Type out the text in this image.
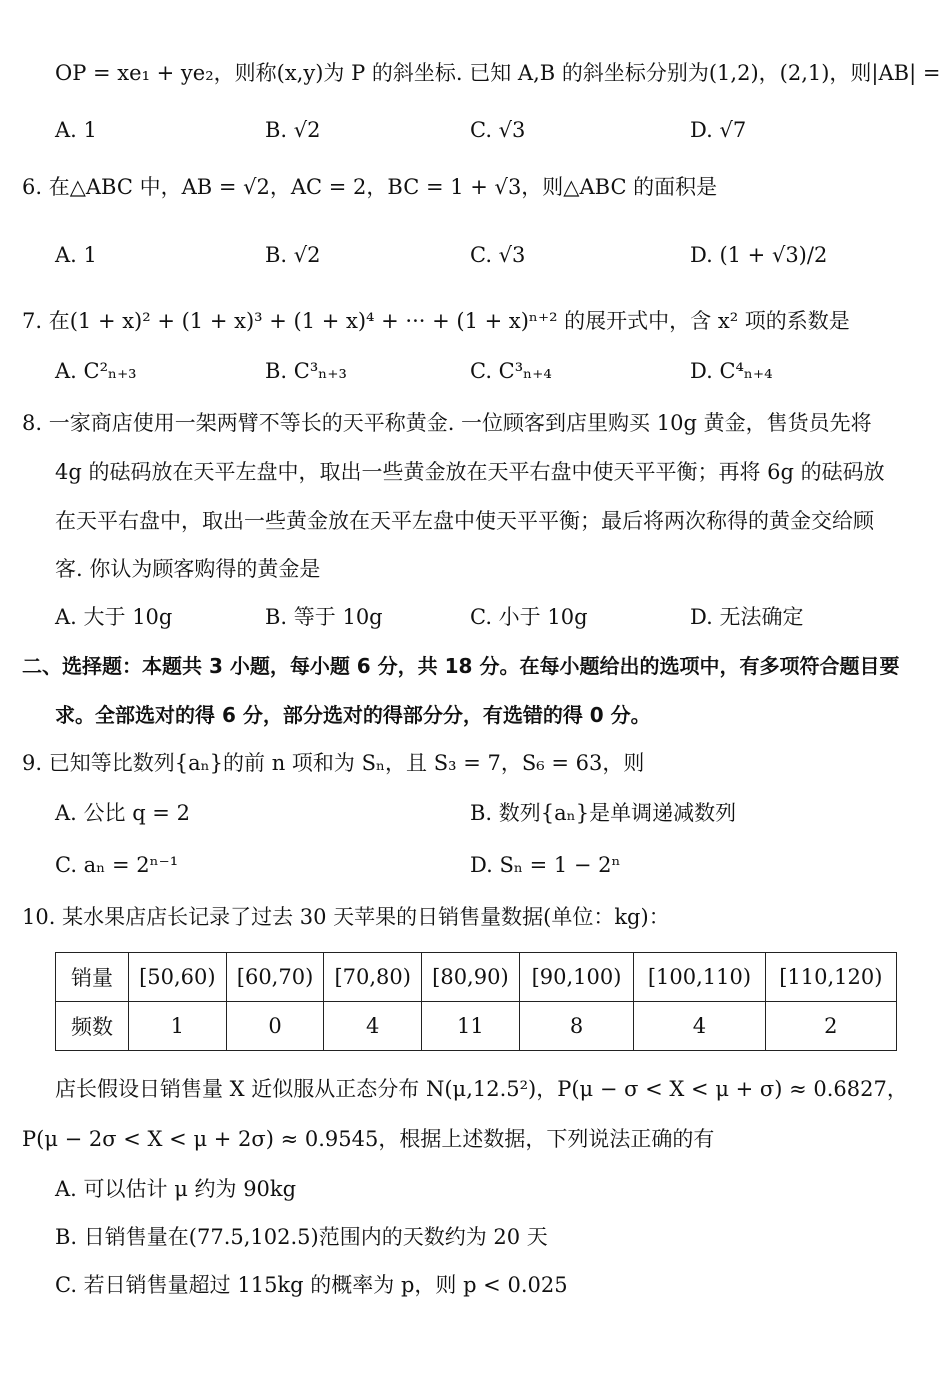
OP = xe₁ + ye₂，则称(x,y)为 P 的斜坐标. 已知 A,B 的斜坐标分别为(1,2)，(2,1)，则|AB| =
A. 1	B. √2	C. √3	D. √7
6. 在△ABC 中，AB = √2，AC = 2，BC = 1 + √3，则△ABC 的面积是
A. 1	B. √2	C. √3	D. (1 + √3)/2
7. 在(1 + x)² + (1 + x)³ + (1 + x)⁴ + ··· + (1 + x)ⁿ⁺² 的展开式中，含 x² 项的系数是
A. C²ₙ₊₃	B. C³ₙ₊₃	C. C³ₙ₊₄	D. C⁴ₙ₊₄
8. 一家商店使用一架两臂不等长的天平称黄金. 一位顾客到店里购买 10g 黄金，售货员先将
4g 的砝码放在天平左盘中，取出一些黄金放在天平右盘中使天平平衡；再将 6g 的砝码放
在天平右盘中，取出一些黄金放在天平左盘中使天平平衡；最后将两次称得的黄金交给顾
客. 你认为顾客购得的黄金是
A. 大于 10g	B. 等于 10g	C. 小于 10g	D. 无法确定
二、选择题：本题共 3 小题，每小题 6 分，共 18 分。在每小题给出的选项中，有多项符合题目要
求。全部选对的得 6 分，部分选对的得部分分，有选错的得 0 分。
9. 已知等比数列{aₙ}的前 n 项和为 Sₙ，且 S₃ = 7，S₆ = 63，则
A. 公比 q = 2	B. 数列{aₙ}是单调递减数列
C. aₙ = 2ⁿ⁻¹	D. Sₙ = 1 − 2ⁿ
10. 某水果店店长记录了过去 30 天苹果的日销售量数据(单位：kg)：
销量	[50,60)	[60,70)	[70,80)	[80,90)	[90,100)	[100,110)	[110,120)
频数	1	0	4	11	8	4	2
店长假设日销售量 X 近似服从正态分布 N(μ,12.5²)，P(μ − σ < X < μ + σ) ≈ 0.6827，
P(μ − 2σ < X < μ + 2σ) ≈ 0.9545，根据上述数据，下列说法正确的有
A. 可以估计 μ 约为 90kg
B. 日销售量在(77.5,102.5)范围内的天数约为 20 天
C. 若日销售量超过 115kg 的概率为 p，则 p < 0.025
